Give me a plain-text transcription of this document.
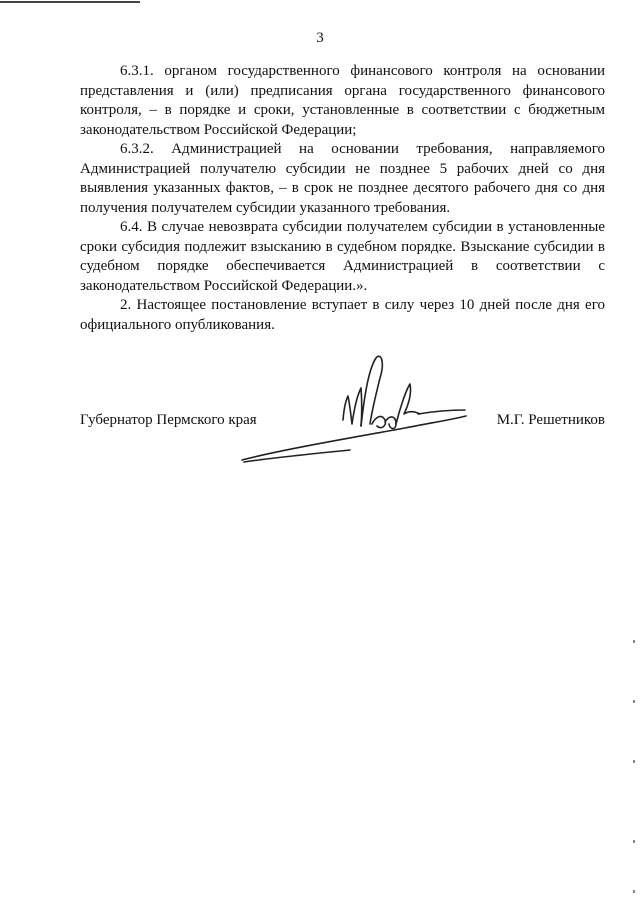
3

6.3.1. органом государственного финансового контроля на основании представления и (или) предписания органа государственного финансового контроля, – в порядке и сроки, установленные в соответствии с бюджетным законодательством Российской Федерации;

6.3.2. Администрацией на основании требования, направляемого Администрацией получателю субсидии не позднее 5 рабочих дней со дня выявления указанных фактов, – в срок не позднее десятого рабочего дня со дня получения получателем субсидии указанного требования.

6.4. В случае невозврата субсидии получателем субсидии в установленные сроки субсидия подлежит взысканию в судебном порядке. Взыскание субсидии в судебном порядке обеспечивается Администрацией в соответствии с законодательством Российской Федерации.».

2. Настоящее постановление вступает в силу через 10 дней после дня его официального опубликования.

Губернатор Пермского края	М.Г. Решетников
